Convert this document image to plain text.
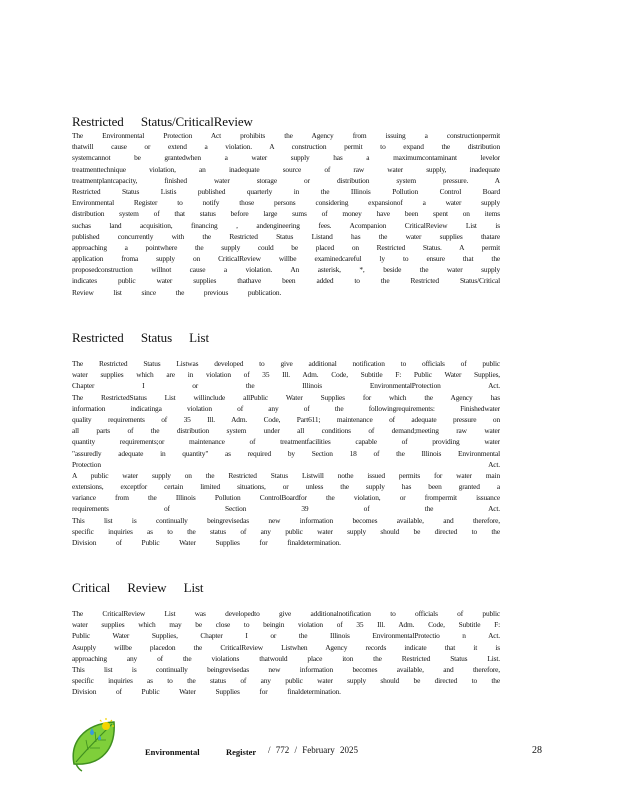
Restricted Status/CriticalReview
The Environmental Protection Act prohibits the Agency from issuing a constructionpermit
thatwill cause or extend a violation. A construction permit to expand the distribution
systemcannot be grantedwhen a water supply has a maximumcontaminant levelor
treatmenttechnique violation, an inadequate source of raw water supply, inadequate
treatmentplantcapacity, finished water storage or distribution system pressure. A
Restricted Status Listis published quarterly in the Illinois Pollution Control Board
Environmental Register to notify those persons considering expansionof a water supply
distribution system of that status before large sums of money have been spent on items
suchas land acquisition, financing , andengineering fees. Acompanion CriticalReview List is
published concurrently with the Restricted Status Listand has the water supplies thatare
approaching a pointwhere the supply could be placed on Restricted Status. A permit
application froma supply on CriticalReview willbe examinedcareful ly to ensure that the
proposedconstruction willnot cause a violation. An asterisk, *, beside the water supply
indicates public water supplies thathave been added to the Restricted Status/Critical
Review list since the previous publication.
Restricted Status List
The Restricted Status Listwas developed to give additional notification to officials of public
water supplies which are in violation of 35 Ill. Adm. Code, Subtitle F: Public Water Supplies,
Chapter I or the Illinois EnvironmentalProtection Act.
The RestrictedStatus List willinclude allPublic Water Supplies for which the Agency has
information indicatinga violation of any of the followingrequirements: Finishedwater
quality requirements of 35 Ill. Adm. Code, Part611; maintenance of adequate pressure on
all parts of the distribution system under all conditions of demand;meeting raw water
quantity requirements;or maintenance of treatmentfacilities capable of providing water
"assuredly adequate in quantity" as required by Section 18 of the Illinois Environmental
Protection Act.
A public water supply on the Restricted Status Listwill nothe issued permits for water main
extensions, exceptfor certain limited situations, or unless the supply has been granted a
variance from the Illinois Pollution ControlBoardfor the violation, or frompermit issuance
requirements of Section 39 of the Act.
This list is continually beingrevisedas new information becomes available, and therefore,
specific inquiries as to the status of any public water supply should be directed to the
Division of Public Water Supplies for finaldetermination.
Critical Review List
The CriticalReview List was developedto give additionalnotification to officials of public
water supplies which may be close to beingin violation of 35 Ill. Adm. Code, Subtitle F:
Public Water Supplies, Chapter I or the Illinois EnvironmentalProtectio n Act.
Asupply willbe placedon the CriticalReview Listwhen Agency records indicate that it is
approaching any of the violations thatwould place iton the Restricted Status List.
This list is continually beingrevisedas new information becomes available, and therefore,
specific inquiries as to the status of any public water supply should be directed to the
Division of Public Water Supplies for finaldetermination.
Environmental	Register / 772 / February 2025	28
